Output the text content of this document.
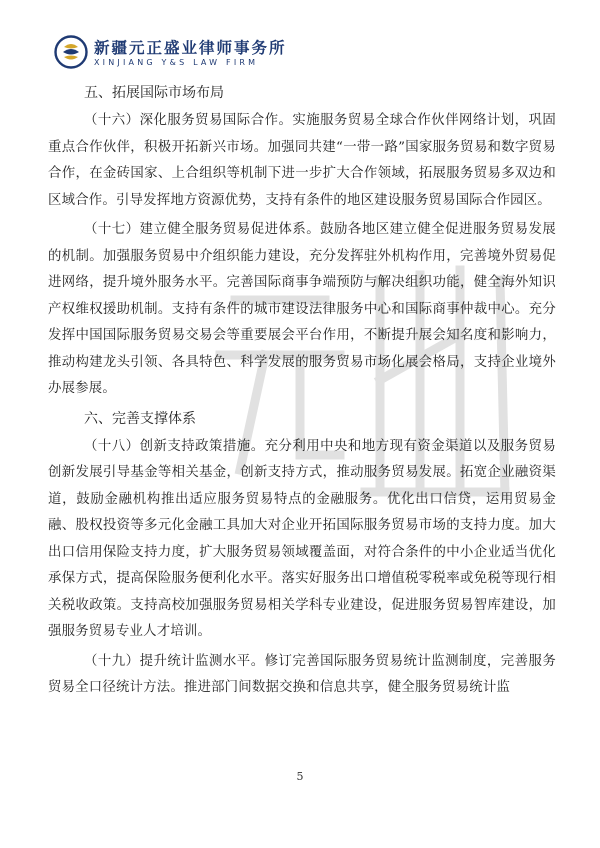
新疆元正盛业律师事务所
XINJIANG Y&S LAW FIRM

五、拓展国际市场布局

（十六）深化服务贸易国际合作。实施服务贸易全球合作伙伴网络计划，巩固重点合作伙伴，积极开拓新兴市场。加强同共建“一带一路”国家服务贸易和数字贸易合作，在金砖国家、上合组织等机制下进一步扩大合作领域，拓展服务贸易多双边和区域合作。引导发挥地方资源优势，支持有条件的地区建设服务贸易国际合作园区。

（十七）建立健全服务贸易促进体系。鼓励各地区建立健全促进服务贸易发展的机制。加强服务贸易中介组织能力建设，充分发挥驻外机构作用，完善境外贸易促进网络，提升境外服务水平。完善国际商事争端预防与解决组织功能，健全海外知识产权维权援助机制。支持有条件的城市建设法律服务中心和国际商事仲裁中心。充分发挥中国国际服务贸易交易会等重要展会平台作用，不断提升展会知名度和影响力，推动构建龙头引领、各具特色、科学发展的服务贸易市场化展会格局，支持企业境外办展参展。

六、完善支撑体系

（十八）创新支持政策措施。充分利用中央和地方现有资金渠道以及服务贸易创新发展引导基金等相关基金，创新支持方式，推动服务贸易发展。拓宽企业融资渠道，鼓励金融机构推出适应服务贸易特点的金融服务。优化出口信贷，运用贸易金融、股权投资等多元化金融工具加大对企业开拓国际服务贸易市场的支持力度。加大出口信用保险支持力度，扩大服务贸易领域覆盖面，对符合条件的中小企业适当优化承保方式，提高保险服务便利化水平。落实好服务出口增值税零税率或免税等现行相关税收政策。支持高校加强服务贸易相关学科专业建设，促进服务贸易智库建设，加强服务贸易专业人才培训。

（十九）提升统计监测水平。修订完善国际服务贸易统计监测制度，完善服务贸易全口径统计方法。推进部门间数据交换和信息共享，健全服务贸易统计监

5
